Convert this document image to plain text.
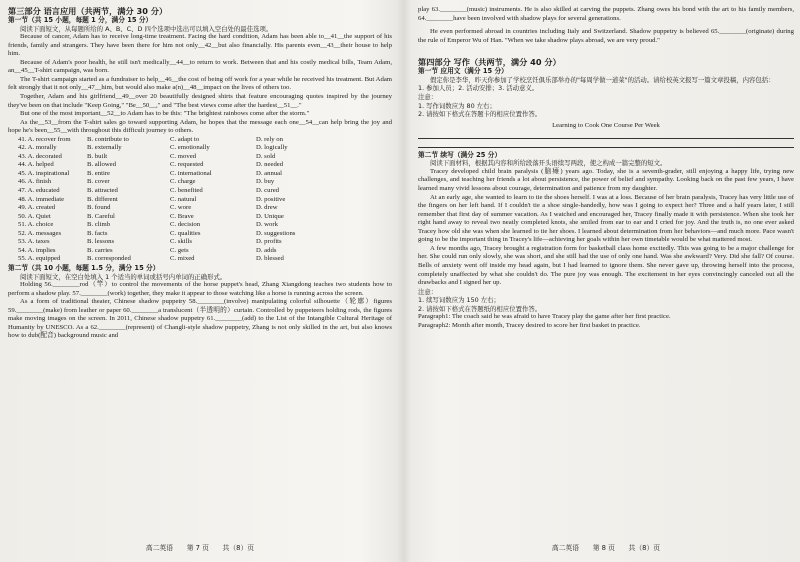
第三部分 语言应用（共两节，满分 30 分）

第一节（共 15 小题，每题 1 分，满分 15 分）

阅读下面短文，从每题所给的 A、B、C、D 四个选项中选出可以填入空白处的最佳选项。

Because of cancer, Adam has to receive long-time treatment. Facing the hard condition, Adam has been able to__41__the support of his friends, family and strangers. They have been there for him not only__42__but also financially. His parents even__43__their house to help him.

Because of Adam's poor health, he still isn't medically__44__to return to work. Between that and his costly medical bills, Team Adam, an__45__T-shirt campaign, was born.

The T-shirt campaign started as a fundraiser to help__46__the cost of being off work for a year while he received his treatment. But Adam felt strongly that it not only__47__him, but would also make a(n)__48__impact on the lives of others too.

Together, Adam and his girlfriend__49__over 20 beautifully designed shirts that feature encouraging quotes inspired by the journey they've been on that include "Keep Going," "Be__50__," and "The best views come after the hardest__51__."

But one of the most important__52__to Adam has to be this: "The brightest rainbows come after the storm."

As the__53__from the T-shirt sales go toward supporting Adam, he hopes that the message each one__54__can help bring the joy and hope he's been__55__with throughout this difficult journey to others.

41. A. recover from	B. contribute to	C. adapt to	D. rely on
42. A. morally	B. externally	C. emotionally	D. logically
43. A. decorated	B. built	C. moved	D. sold
44. A. helped	B. allowed	C. requested	D. needed
45. A. inspirational	B. entire	C. international	D. annual
46. A. finish	B. cover	C. charge	D. buy
47. A. educated	B. attracted	C. benefited	D. cured
48. A. immediate	B. different	C. natural	D. positive
49. A. created	B. found	C. wore	D. drew
50. A. Quiet	B. Careful	C. Brave	D. Unique
51. A. choice	B. climb	C. decision	D. work
52. A. messages	B. facts	C. qualities	D. suggestions
53. A. taxes	B. lessons	C. skills	D. profits
54. A. implies	B. carries	C. gets	D. adds
55. A. equipped	B. corresponded	C. mixed	D. blessed

第二节（共 10 小题，每题 1.5 分，满分 15 分）

阅读下面短文，在空白处填入 1 个适当的单词或括号内单词的正确形式。

Holding 56.________rod（竿）to control the movements of the horse puppet's head, Zhang Xiangdong teaches two students how to perform a shadow play. 57.________(work) together, they make it appear to those watching like a horse is running across the screen.

As a form of traditional theater, Chinese shadow puppetry 58.________(involve) manipulating colorful silhouette（轮廓）figures 59.________(make) from leather or paper 60.________a translucent（半透明的）curtain. Controlled by puppeteers holding rods, the figures make moving images on the screen. In 2011, Chinese shadow puppetry 61.________(add) to the List of the Intangible Cultural Heritage of Humanity by UNESCO. As a 62.________(represent) of Changli-style shadow puppetry, Zhang is not only skilled in the art, but also knows how to dub(配音) background music and

高二英语　　第 7 页　　共（8）页

play 63.________(music) instruments. He is also skilled at carving the puppets. Zhang owes his bond with the art to his family members, 64.________have been involved with shadow plays for several generations.

He even performed abroad in countries including Italy and Switzerland. Shadow puppetry is believed 65.________(originate) during the rule of Emperor Wu of Han. "When we take shadow plays abroad, we are very proud."

第四部分 写作（共两节，满分 40 分）

第一节 应用文（满分 15 分）

假定你是李华，昨天你参加了学校烹饪俱乐部举办的"每周学做一道菜"的活动。请给校英文报写一篇文章投稿，内容包括：

1. 参加人员；2. 活动安排；3. 活动意义。

注意：

1. 写作词数应为 80 左右；

2. 请按如下格式在答题卡的相应位置作答。

Learning to Cook One Course Per Week

第二节 续写（满分 25 分）

阅读下面材料，根据其内容和所给段落开头语续写两段，使之构成一篇完整的短文。

Tracey developed child brain paralysis (脑瘫) years ago. Today, she is a seventh-grader, still enjoying a happy life, trying new challenges, and teaching her friends a lot about persistence, the power of belief and sympathy. Looking back on the past few years, I have learned many vivid lessons about courage, determination and patience from my daughter.

At an early age, she wanted to learn to tie the shoes herself. I was at a loss. Because of her brain paralysis, Tracey has very little use of the fingers on her left hand. If I couldn't tie a shoe single-handedly, how was I going to expect her? Three and a half years later, I still remember that first day of summer vacation. As I watched and encouraged her, Tracey finally made it with persistence. When she took her right hand away to reveal two neatly completed knots, she smiled from ear to ear and I cried for joy. And the truth is, no one ever asked Tracey how old she was when she learned to tie her shoes. I learned about determination from her behaviors—and much more. Pace wasn't going to be the important thing in Tracey's life—achieving her goals within her own timetable would be what mattered most.

A few months ago, Tracey brought a registration form for basketball class home excitedly. This was going to be a major challenge for her. She could run only slowly, she was short, and she still had the use of only one hand. Was she awkward? Very. Did she fall? Of course. Bells of anxiety went off inside my head again, but I had learned to ignore them. She never gave up, throwing herself into the process, completely unaffected by what she couldn't do. The pure joy was enough. The excitement in her eyes convincingly canceled out all the drawbacks and I signed her up.

注意：

1. 续写词数应为 150 左右；

2. 请按如下格式在答题纸的相应位置作答。

Paragraph1: The coach said he was afraid to have Tracey play the game after her first practice.

Paragraph2: Month after month, Tracey desired to score her first basket in practice.

高二英语　　第 8 页　　共（8）页
